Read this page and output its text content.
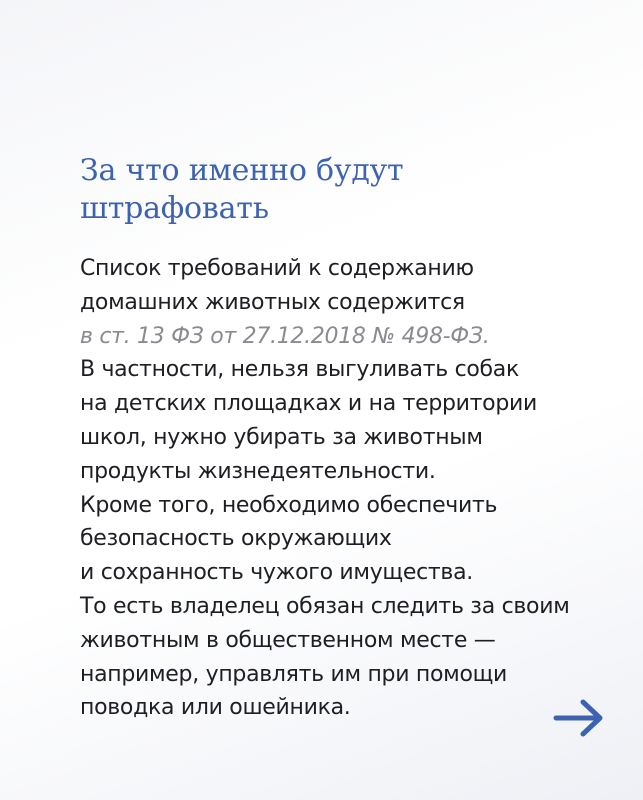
За что именно будут
штрафовать
Список требований к содержанию
домашних животных содержится
в ст. 13 ФЗ от 27.12.2018 № 498-ФЗ.
В частности, нельзя выгуливать собак
на детских площадках и на территории
школ, нужно убирать за животным
продукты жизнедеятельности.
Кроме того, необходимо обеспечить
безопасность окружающих
и сохранность чужого имущества.
То есть владелец обязан следить за своим
животным в общественном месте —
например, управлять им при помощи
поводка или ошейника.
